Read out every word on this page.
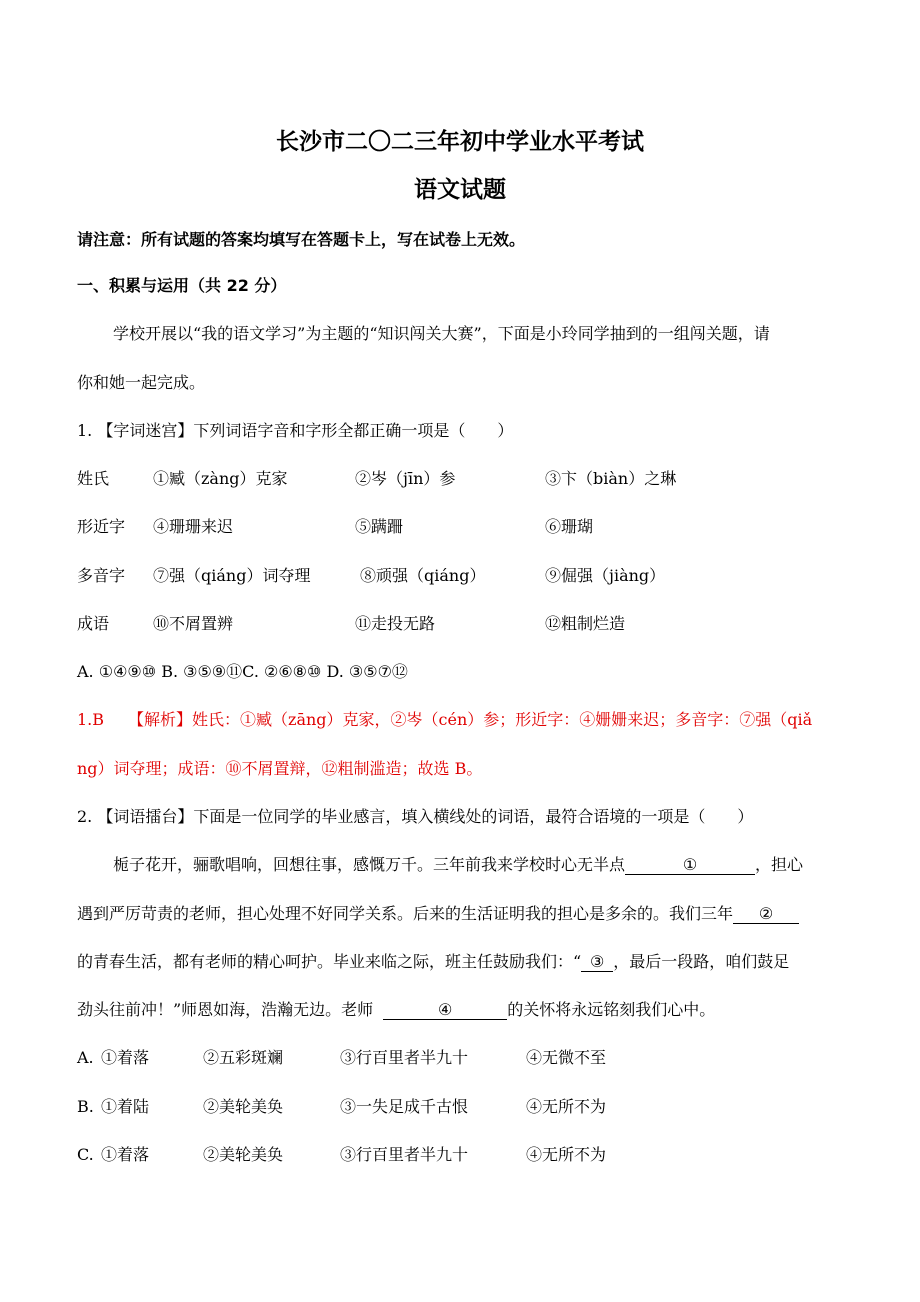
长沙市二〇二三年初中学业水平考试
语文试题
请注意：所有试题的答案均填写在答题卡上，写在试卷上无效。
一、积累与运用（共 22 分）
学校开展以“我的语文学习”为主题的“知识闯关大赛”，下面是小玲同学抽到的一组闯关题，请
你和她一起完成。
1. 【字词迷宫】下列词语字音和字形全都正确一项是（　　）
姓氏	①臧（zàng）克家	②岑（jīn）参	③卞（biàn）之琳
形近字 ④珊珊来迟	⑤蹒跚	⑥珊瑚
多音字 ⑦强（qiáng）词夺理	⑧顽强（qiáng）	⑨倔强（jiàng）
成语	⑩不屑置辨	⑪走投无路	⑫粗制烂造
A. ①④⑨⑩ B. ③⑤⑨⑪C. ②⑥⑧⑩ D. ③⑤⑦⑫
1.B　　【解析】姓氏：①臧（zāng）克家，②岑（cén）参；形近字：④姗姗来迟；多音字：⑦强（qiǎ
ng）词夺理；成语：⑩不屑置辩，⑫粗制滥造；故选 B。
2. 【词语擂台】下面是一位同学的毕业感言，填入横线处的词语，最符合语境的一项是（　　）
栀子花开，骊歌唱响，回想往事，感慨万千。三年前我来学校时心无半点	①	，担心
遇到严厉苛责的老师，担心处理不好同学关系。后来的生活证明我的担心是多余的。我们三年 ②
的青春生活，都有老师的精心呵护。毕业来临之际，班主任鼓励我们：“ ③ ，最后一段路，咱们鼓足
劲头往前冲！”师恩如海，浩瀚无边。老师	④	的关怀将永远铭刻我们心中。
A. ①着落	②五彩斑斓	③行百里者半九十	④无微不至
B. ①着陆	②美轮美奂	③一失足成千古恨	④无所不为
C. ①着落	②美轮美奂	③行百里者半九十	④无所不为
